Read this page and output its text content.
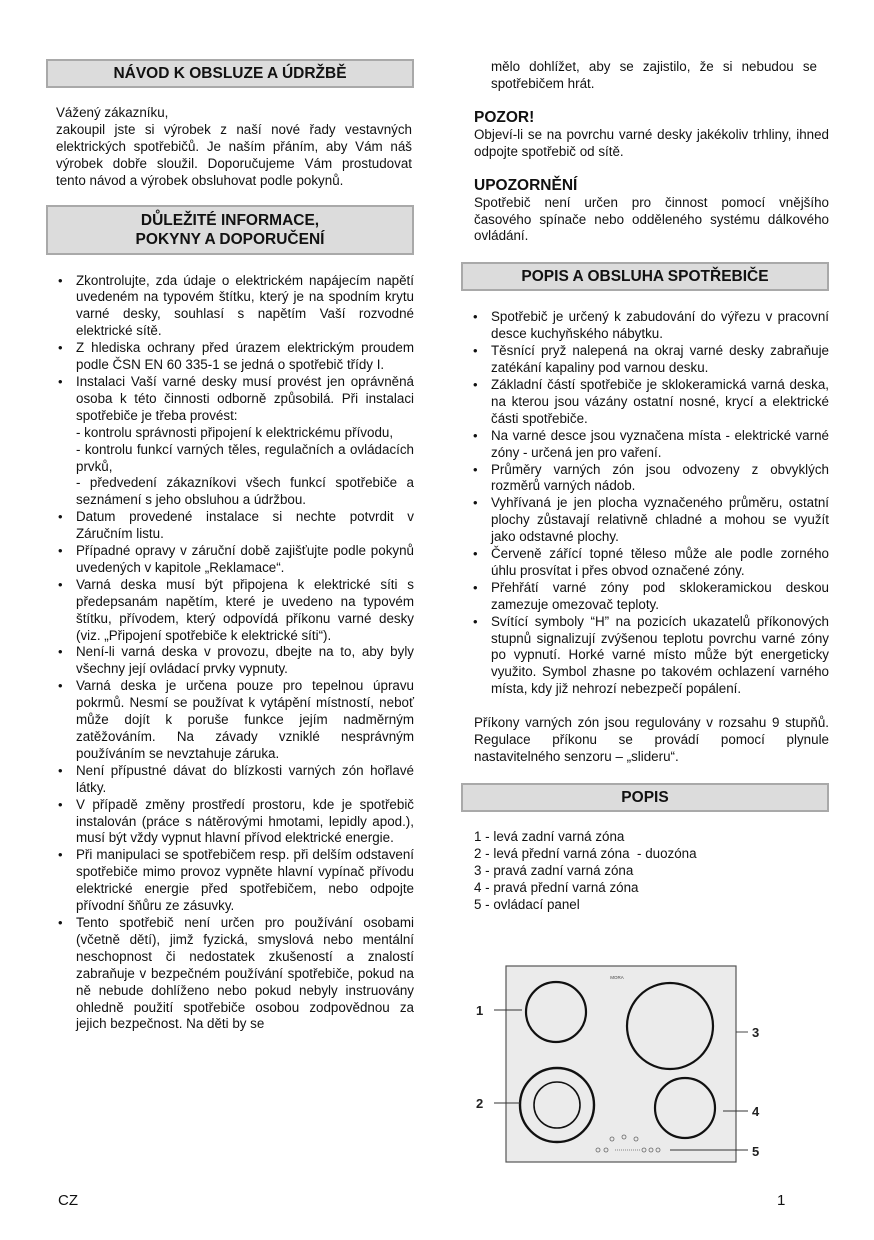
NÁVOD K OBSLUZE A ÚDRŽBĚ
Vážený zákazníku,
zakoupil jste si výrobek z naší nové řady vestavných elektrických spotřebičů. Je naším přáním, aby Vám náš výrobek dobře sloužil. Doporučujeme Vám prostudovat tento návod a výrobek obsluhovat podle pokynů.
DŮLEŽITÉ INFORMACE,
POKYNY A DOPORUČENÍ
• Zkontrolujte, zda údaje o elektrickém napájecím napětí uvedeném na typovém štítku, který je na spodním krytu varné desky, souhlasí s napětím Vaší rozvodné elektrické sítě.
• Z hlediska ochrany před úrazem elektrickým proudem podle ČSN EN 60 335-1 se jedná o spotřebič třídy I.
• Instalaci Vaší varné desky musí provést jen oprávněná osoba k této činnosti odborně způsobilá. Při instalaci spotřebiče je třeba provést:
- kontrolu správnosti připojení k elektrickému přívodu,
- kontrolu funkcí varných těles, regulačních a ovládacích prvků,
- předvedení zákazníkovi všech funkcí spotřebiče a seznámení s jeho obsluhou a údržbou.
• Datum provedené instalace si nechte potvrdit v Záručním listu.
• Případné opravy v záruční době zajišťujte podle pokynů uvedených v kapitole „Reklamace“.
• Varná deska musí být připojena k elektrické síti s předepsanám napětím, které je uvedeno na typovém štítku, přívodem, který odpovídá příkonu varné desky (viz. „Připojení spotřebiče k elektrické síti“).
• Není-li varná deska v provozu, dbejte na to, aby byly všechny její ovládací prvky vypnuty.
• Varná deska je určena pouze pro tepelnou úpravu pokrmů. Nesmí se používat k vytápění místností, neboť může dojít k poruše funkce jejím nadměrným zatěžováním. Na závady vzniklé nesprávným používáním se nevztahuje záruka.
• Není přípustné dávat do blízkosti varných zón hořlavé látky.
• V případě změny prostředí prostoru, kde je spotřebič instalován (práce s nátěrovými hmotami, lepidly apod.), musí být vždy vypnut hlavní přívod elektrické energie.
• Při manipulaci se spotřebičem resp. při delším odstavení spotřebiče mimo provoz vypněte hlavní vypínač přívodu elektrické energie před spotřebičem, nebo odpojte přívodní šňůru ze zásuvky.
• Tento spotřebič není určen pro používání osobami (včetně dětí), jimž fyzická, smyslová nebo mentální neschopnost či nedostatek zkušeností a znalostí zabraňuje v bezpečném používání spotřebiče, pokud na ně nebude dohlíženo nebo pokud nebyly instruovány ohledně použití spotřebiče osobou zodpovědnou za jejich bezpečnost. Na děti by se
mělo dohlížet, aby se zajistilo, že si nebudou se spotřebičem hrát.
POZOR!
Objeví-li se na povrchu varné desky jakékoliv trhliny, ihned odpojte spotřebič od sítě.
UPOZORNĚNÍ
Spotřebič není určen pro činnost pomocí vnějšího časového spínače nebo odděleného systému dálkového ovládání.
POPIS A OBSLUHA SPOTŘEBIČE
• Spotřebič je určený k zabudování do výřezu v pracovní desce kuchyňského nábytku.
• Těsnící pryž nalepená na okraj varné desky zabraňuje zatékání kapaliny pod varnou desku.
• Základní částí spotřebiče je sklokeramická varná deska, na kterou jsou vázány ostatní nosné, krycí a elektrické části spotřebiče.
• Na varné desce jsou vyznačena místa - elektrické varné zóny - určená jen pro vaření.
• Průměry varných zón jsou odvozeny z obvyklých rozměrů varných nádob.
• Vyhřívaná je jen plocha vyznačeného průměru, ostatní plochy zůstavají relativně chladné a mohou se využít jako odstavné plochy.
• Červeně zářící topné těleso může ale podle zorného úhlu prosvítat i přes obvod označené zóny.
• Přehřátí varné zóny pod sklokeramickou deskou zamezuje omezovač teploty.
• Svítící symboly “H” na pozicích ukazatelů příkonových stupnů signalizují zvýšenou teplotu povrchu varné zóny po vypnutí. Horké varné místo může být energeticky využito. Symbol zhasne po takovém ochlazení varného místa, kdy již nehrozí nebezpečí popálení.
Příkony varných zón jsou regulovány v rozsahu 9 stupňů. Regulace příkonu se provádí pomocí plynule nastavitelného senzoru – „slideru“.
POPIS
1 - levá zadní varná zóna
2 - levá přední varná zóna  - duozóna
3 - pravá zadní varná zóna
4 - pravá přední varná zóna
5 - ovládací panel
MORA
1
2
3
4
5
CZ	1
